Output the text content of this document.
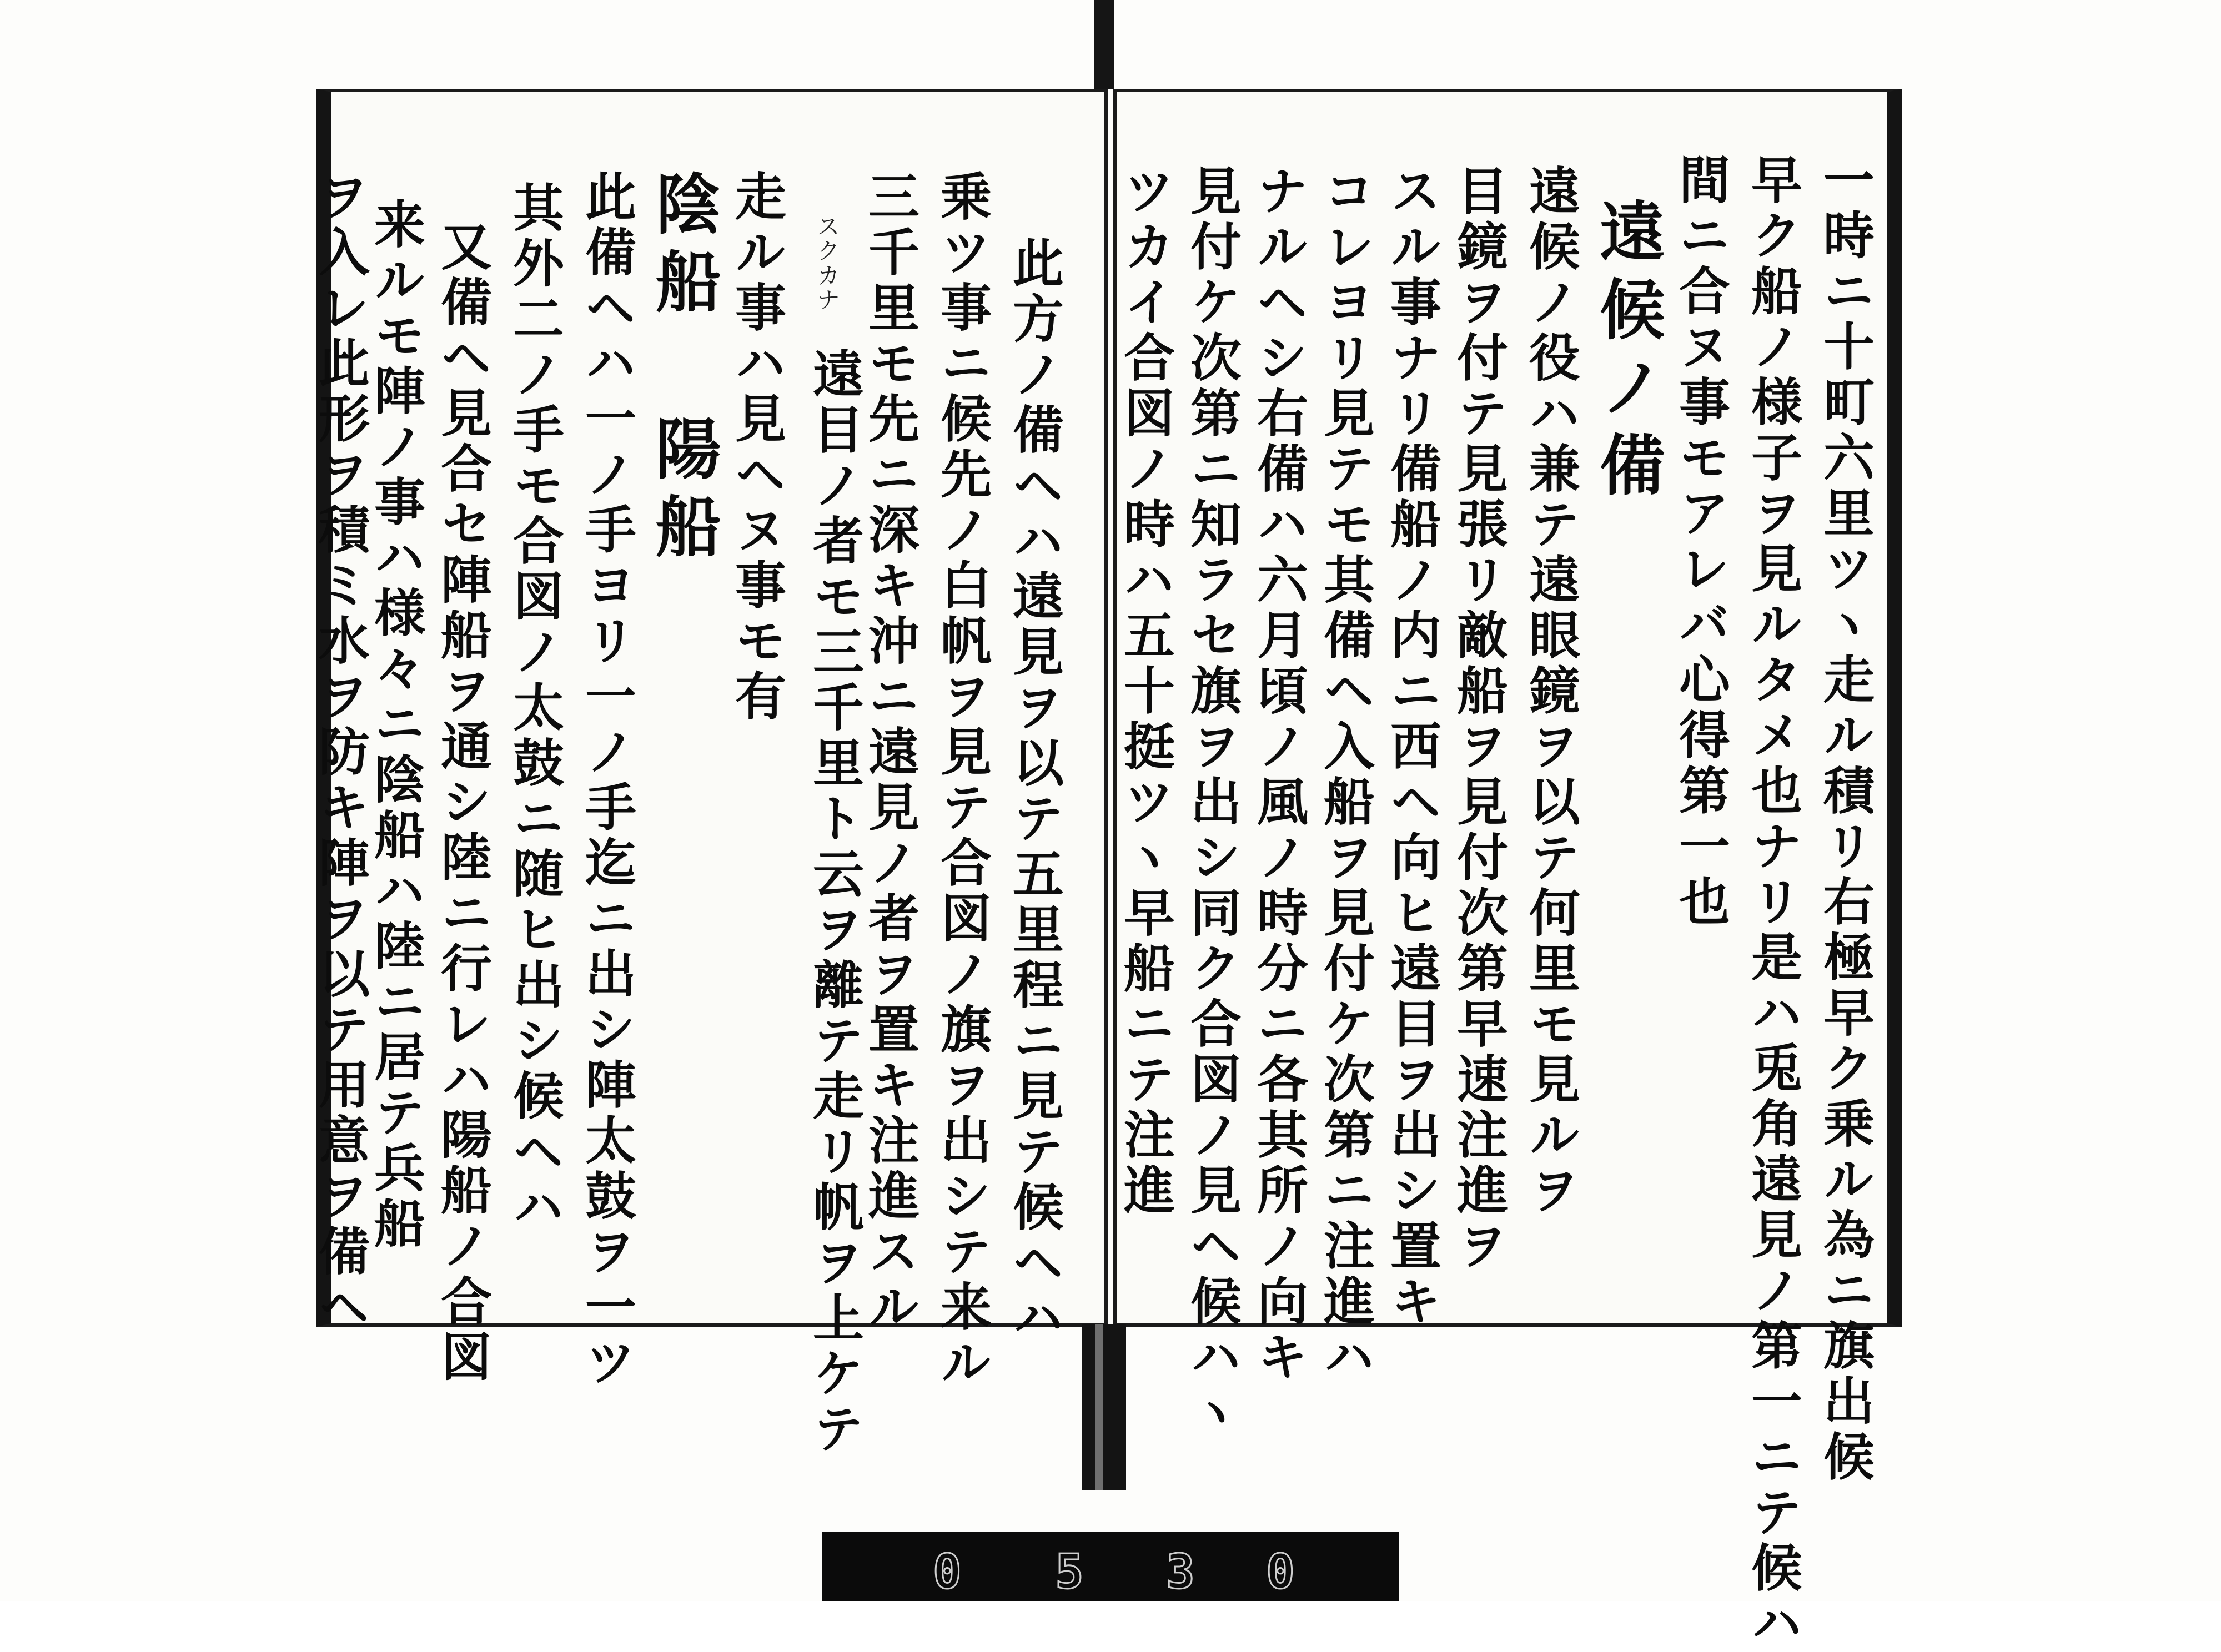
此方ノ備ヘハ遠見ヲ以テ五里程ニ見テ候ヘハ
乗ツ事ニ候先ノ白帆ヲ見テ合図ノ旗ヲ出シテ来ル
三千里モ先ニ深キ沖ニ遠見ノ者ヲ置キ注進スル
スクカナ
遠目ノ者モ三千里ト云ヲ離テ走リ帆ヲ上ケテ
走ル事ハ見ヘヌ事モ有
陰船 陽船
此備ヘハ一ノ手ヨリ一ノ手迄ニ出シ陣太鼓ヲ一ツ
其外二ノ手モ合図ノ太鼓ニ随ヒ出シ候ヘハ
又備ヘ見合セ陣船ヲ通シ陸ニ行レハ陽船ノ合図
来ルモ陣ノ事ハ様々ニ陰船ハ陸ニ居テ兵船
ヲ入レ此形ヲ積ミ水ヲ防キ陣ヲ以テ用意ヲ備ヘ	一時ニ十町六里ツヽ走ル積リ右極早ク乗ル為ニ旗出候
早ク船ノ様子ヲ見ルタメ也ナリ是ハ兎角遠見ノ第一ニテ候ハ
間ニ合ヌ事モアレバ心得第一也
遠候ノ備
遠候ノ役ハ兼テ遠眼鏡ヲ以テ何里モ見ルヲ
目鏡ヲ付テ見張リ敵船ヲ見付次第早速注進ヲ
スル事ナリ備船ノ内ニ西ヘ向ヒ遠目ヲ出シ置キ
コレヨリ見テモ其備ヘ入船ヲ見付ケ次第ニ注進ハ
ナルヘシ右備ハ六月頃ノ風ノ時分ニ各其所ノ向キ
見付ケ次第ニ知ラセ旗ヲ出シ同ク合図ノ見ヘ候ハヽ
ツカイ合図ノ時ハ五十挺ツヽ早船ニテ注進
0 5 3 0
